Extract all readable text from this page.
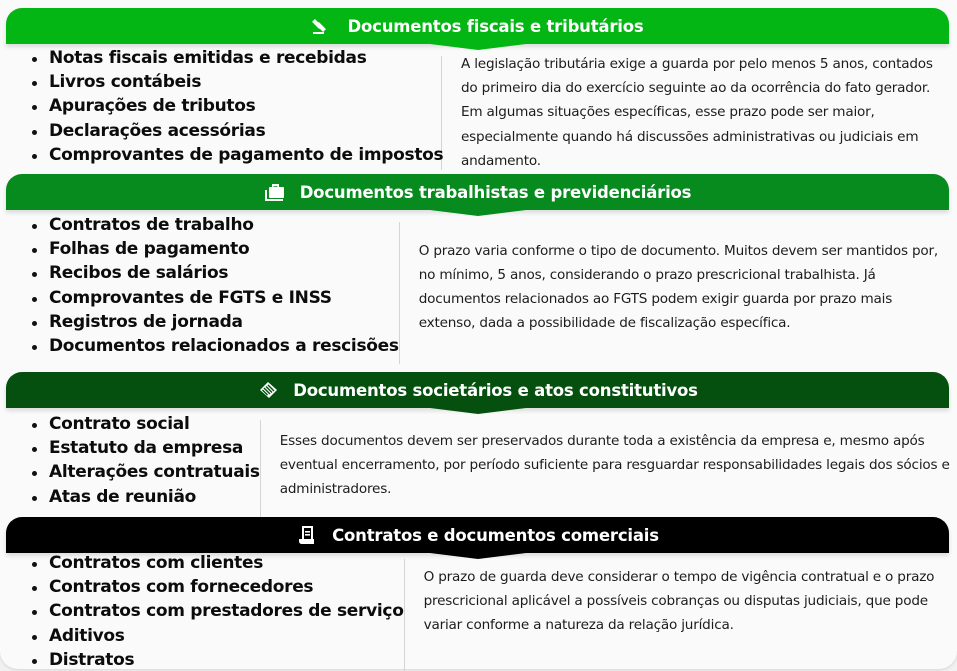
Documentos fiscais e tributários
Notas fiscais emitidas e recebidas
Livros contábeis
Apurações de tributos
Declarações acessórias
Comprovantes de pagamento de impostos

A legislação tributária exige a guarda por pelo menos 5 anos, contados do primeiro dia do exercício seguinte ao da ocorrência do fato gerador. Em algumas situações específicas, esse prazo pode ser maior, especialmente quando há discussões administrativas ou judiciais em andamento.

Documentos trabalhistas e previdenciários
Contratos de trabalho
Folhas de pagamento
Recibos de salários
Comprovantes de FGTS e INSS
Registros de jornada
Documentos relacionados a rescisões

O prazo varia conforme o tipo de documento. Muitos devem ser mantidos por, no mínimo, 5 anos, considerando o prazo prescricional trabalhista. Já documentos relacionados ao FGTS podem exigir guarda por prazo mais extenso, dada a possibilidade de fiscalização específica.

Documentos societários e atos constitutivos
Contrato social
Estatuto da empresa
Alterações contratuais
Atas de reunião

Esses documentos devem ser preservados durante toda a existência da empresa e, mesmo após eventual encerramento, por período suficiente para resguardar responsabilidades legais dos sócios e administradores.

Contratos e documentos comerciais
Contratos com clientes
Contratos com fornecedores
Contratos com prestadores de serviço
Aditivos
Distratos

O prazo de guarda deve considerar o tempo de vigência contratual e o prazo prescricional aplicável a possíveis cobranças ou disputas judiciais, que pode variar conforme a natureza da relação jurídica.
